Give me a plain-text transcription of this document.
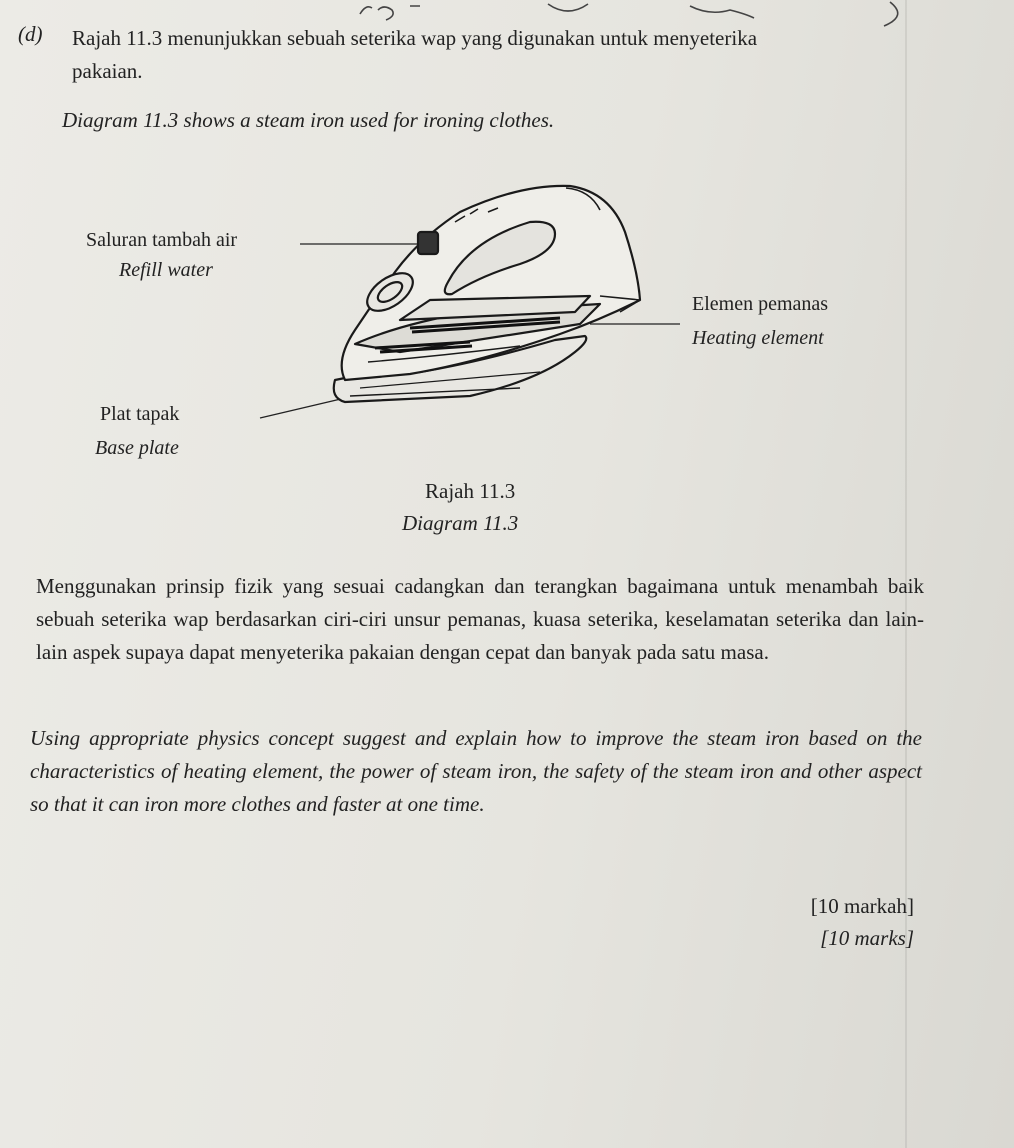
(d) Rajah 11.3 menunjukkan sebuah seterika wap yang digunakan untuk menyeterika
pakaian.
Diagram 11.3 shows a steam iron used for ironing clothes.
Saluran tambah air
Refill water
Elemen pemanas
Heating element
Plat tapak
Base plate
Rajah 11.3
Diagram 11.3
Menggunakan prinsip fizik yang sesuai cadangkan dan terangkan bagaimana untuk menambah baik sebuah seterika wap berdasarkan ciri-ciri unsur pemanas, kuasa seterika, keselamatan seterika dan lain-lain aspek supaya dapat menyeterika pakaian dengan cepat dan banyak pada satu masa.
Using appropriate physics concept suggest and explain how to improve the steam iron based on the characteristics of heating element, the power of steam iron, the safety of the steam iron and other aspect so that it can iron more clothes and faster at one time.
[10 markah]
[10 marks]
